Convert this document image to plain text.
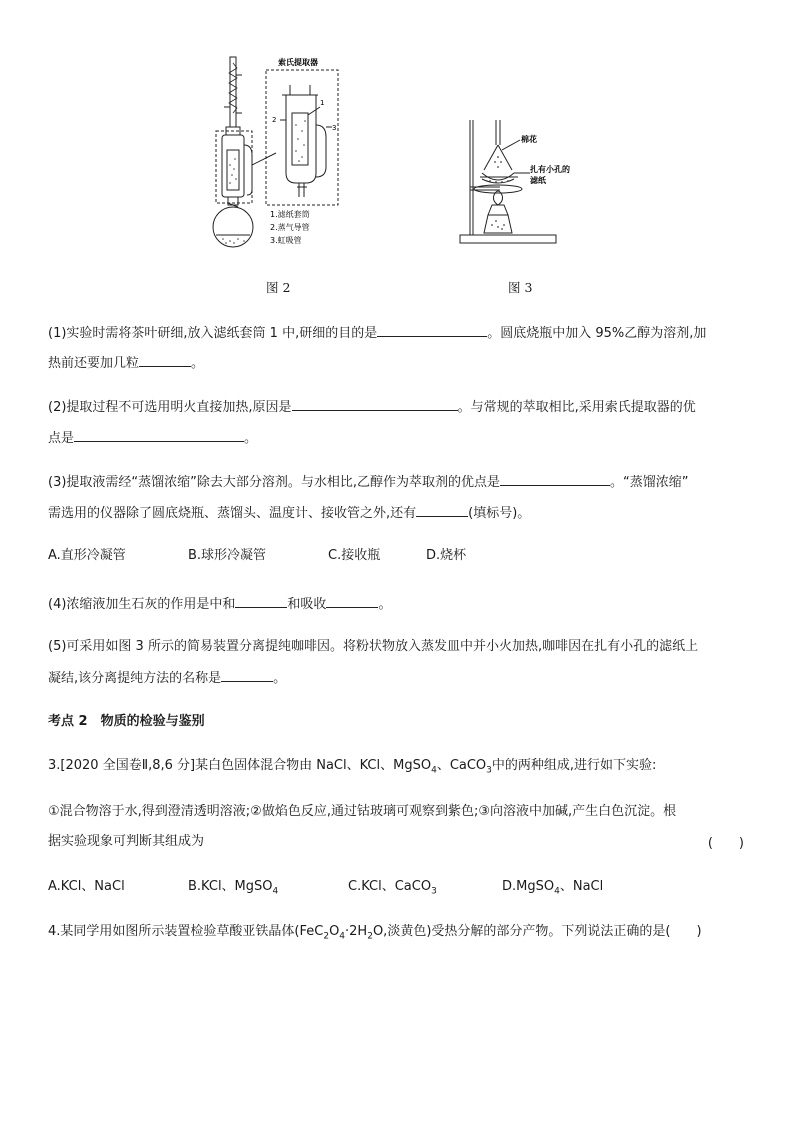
索氏提取器
1
2
3
1.滤纸套筒
2.蒸气导管
3.虹吸管
图 2
棉花
扎有小孔的
滤纸
图 3
(1)实验时需将茶叶研细,放入滤纸套筒 1 中,研细的目的是	。圆底烧瓶中加入 95%乙醇为溶剂,加
热前还要加几粒	。
(2)提取过程不可选用明火直接加热,原因是	。与常规的萃取相比,采用索氏提取器的优
点是	。
(3)提取液需经“蒸馏浓缩”除去大部分溶剂。与水相比,乙醇作为萃取剂的优点是	。“蒸馏浓缩”
需选用的仪器除了圆底烧瓶、蒸馏头、温度计、接收管之外,还有	(填标号)。
A.直形冷凝管	B.球形冷凝管	C.接收瓶	D.烧杯
(4)浓缩液加生石灰的作用是中和	和吸收	。
(5)可采用如图 3 所示的简易装置分离提纯咖啡因。将粉状物放入蒸发皿中并小火加热,咖啡因在扎有小孔的滤纸上
凝结,该分离提纯方法的名称是	。
考点 2　物质的检验与鉴别
3.[2020 全国卷Ⅱ,8,6 分]某白色固体混合物由 NaCl、KCl、MgSO$_4$、CaCO$_3$中的两种组成,进行如下实验:
①混合物溶于水,得到澄清透明溶液;②做焰色反应,通过钴玻璃可观察到紫色;③向溶液中加碱,产生白色沉淀。根
据实验现象可判断其组成为	(　　)
A.KCl、NaCl	B.KCl、MgSO$_4$	C.KCl、CaCO$_3$	D.MgSO$_4$、NaCl
4.某同学用如图所示装置检验草酸亚铁晶体($FeC_2O_4\cdot 2H_2O$,淡黄色)受热分解的部分产物。下列说法正确的是(　　)
